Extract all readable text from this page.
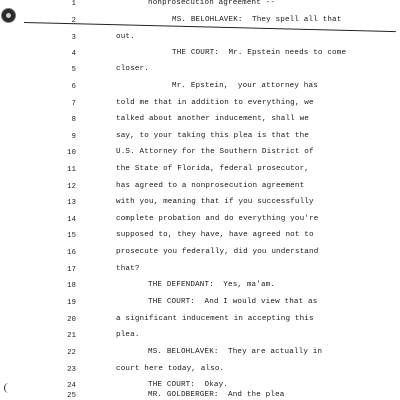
1	nonprosecution agreement --
2	MS. BELOHLAVEK:  They spell all that
3	out.
4	THE COURT:  Mr. Epstein needs to come
5	closer.
6	Mr. Epstein,  your attorney has
7	told me that in addition to everything, we
8	talked about another inducement, shall we
9	say, to your taking this plea is that the
10	U.S. Attorney for the Southern District of
11	the State of Florida, federal prosecutor,
12	has agreed to a nonprosecution agreement
13	with you, meaning that if you successfully
14	complete probation and do everything you're
15	supposed to, they have, have agreed not to
16	prosecute you federally, did you understand
17	that?
18	THE DEFENDANT:  Yes, ma'am.
19	THE COURT:  And I would view that as
20	a significant inducement in accepting this
21	plea.
22	MS. BELOHLAVEK:  They are actually in
23	court here today, also.
24	THE COURT:  Okay.
25	MR. GOLDBERGER:  And the plea
